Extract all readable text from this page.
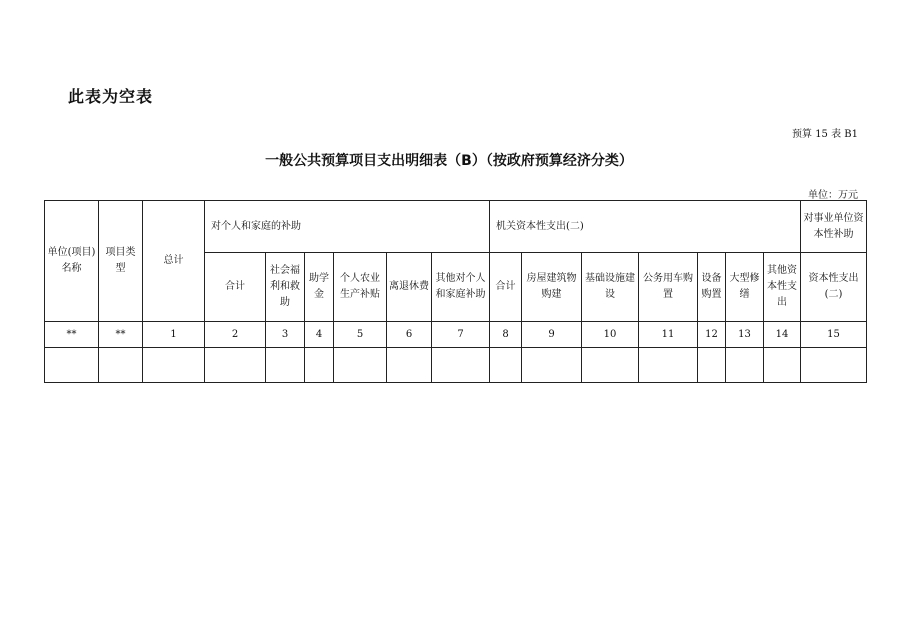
此表为空表
预算 15 表 B1
一般公共预算项目支出明细表（B）（按政府预算经济分类）
单位：万元
单位(项目)名称	项目类型	总计	对个人和家庭的补助						机关资本性支出(二)							对事业单位资本性补助
			合计	社会福利和救助	助学金	个人农业生产补贴	离退休费	其他对个人和家庭补助	合计	房屋建筑物购建	基础设施建设	公务用车购置	设备购置	大型修缮	其他资本性支出	资本性支出(二)
**	**	1	2	3	4	5	6	7	8	9	10	11	12	13	14	15
